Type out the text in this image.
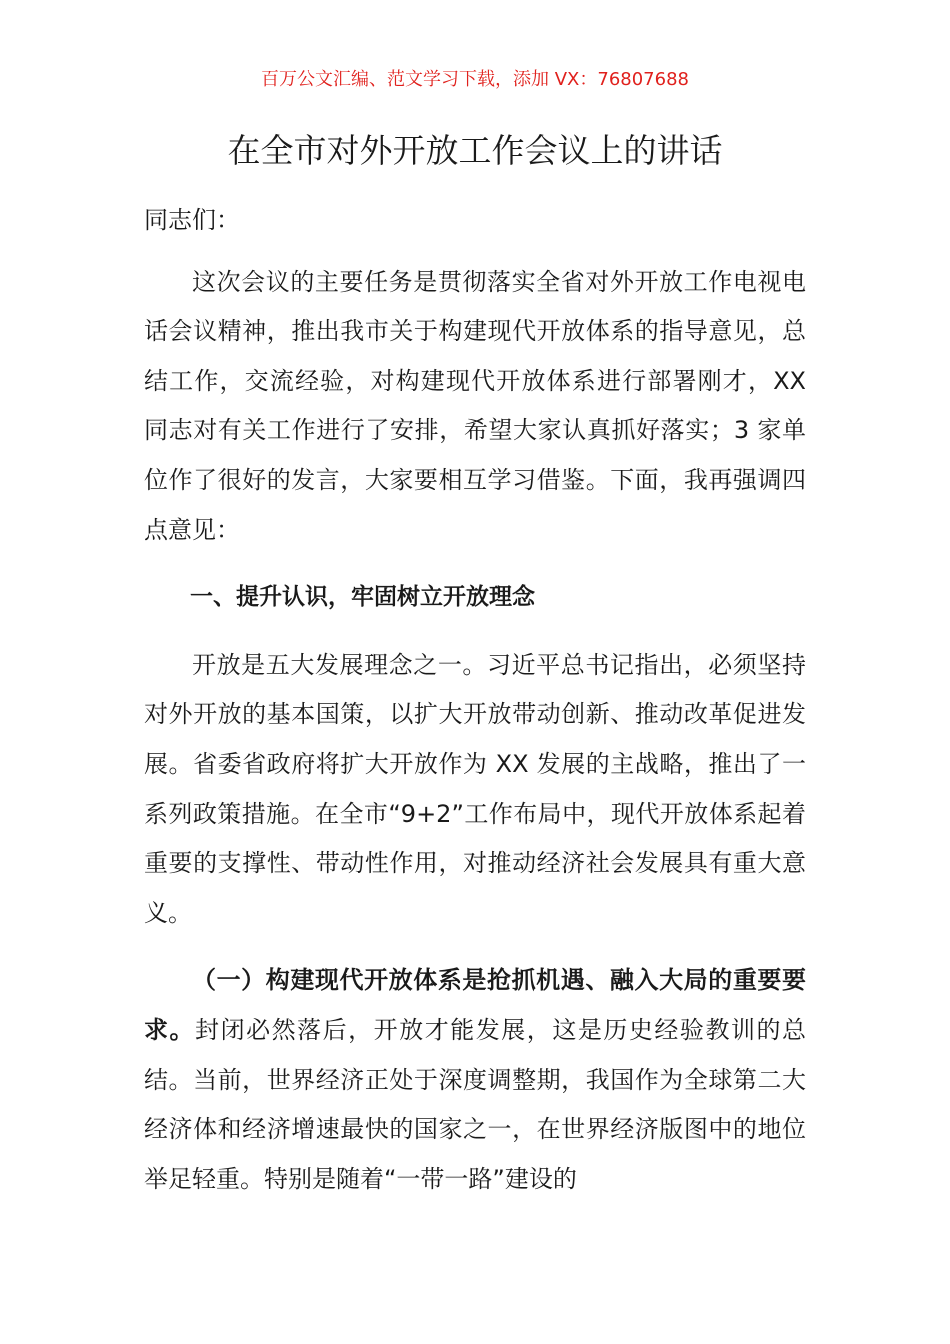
百万公文汇编、范文学习下载，添加 VX：76807688
在全市对外开放工作会议上的讲话

同志们：

这次会议的主要任务是贯彻落实全省对外开放工作电视电话会议精神，推出我市关于构建现代开放体系的指导意见，总结工作，交流经验，对构建现代开放体系进行部署刚才，XX 同志对有关工作进行了安排，希望大家认真抓好落实；3 家单位作了很好的发言，大家要相互学习借鉴。下面，我再强调四点意见：

一、提升认识，牢固树立开放理念

开放是五大发展理念之一。习近平总书记指出，必须坚持对外开放的基本国策，以扩大开放带动创新、推动改革促进发展。省委省政府将扩大开放作为 XX 发展的主战略，推出了一系列政策措施。在全市“9+2”工作布局中，现代开放体系起着重要的支撑性、带动性作用，对推动经济社会发展具有重大意义。

（一）构建现代开放体系是抢抓机遇、融入大局的重要要求。封闭必然落后，开放才能发展，这是历史经验教训的总结。当前，世界经济正处于深度调整期，我国作为全球第二大经济体和经济增速最快的国家之一，在世界经济版图中的地位举足轻重。特别是随着“一带一路”建设的
